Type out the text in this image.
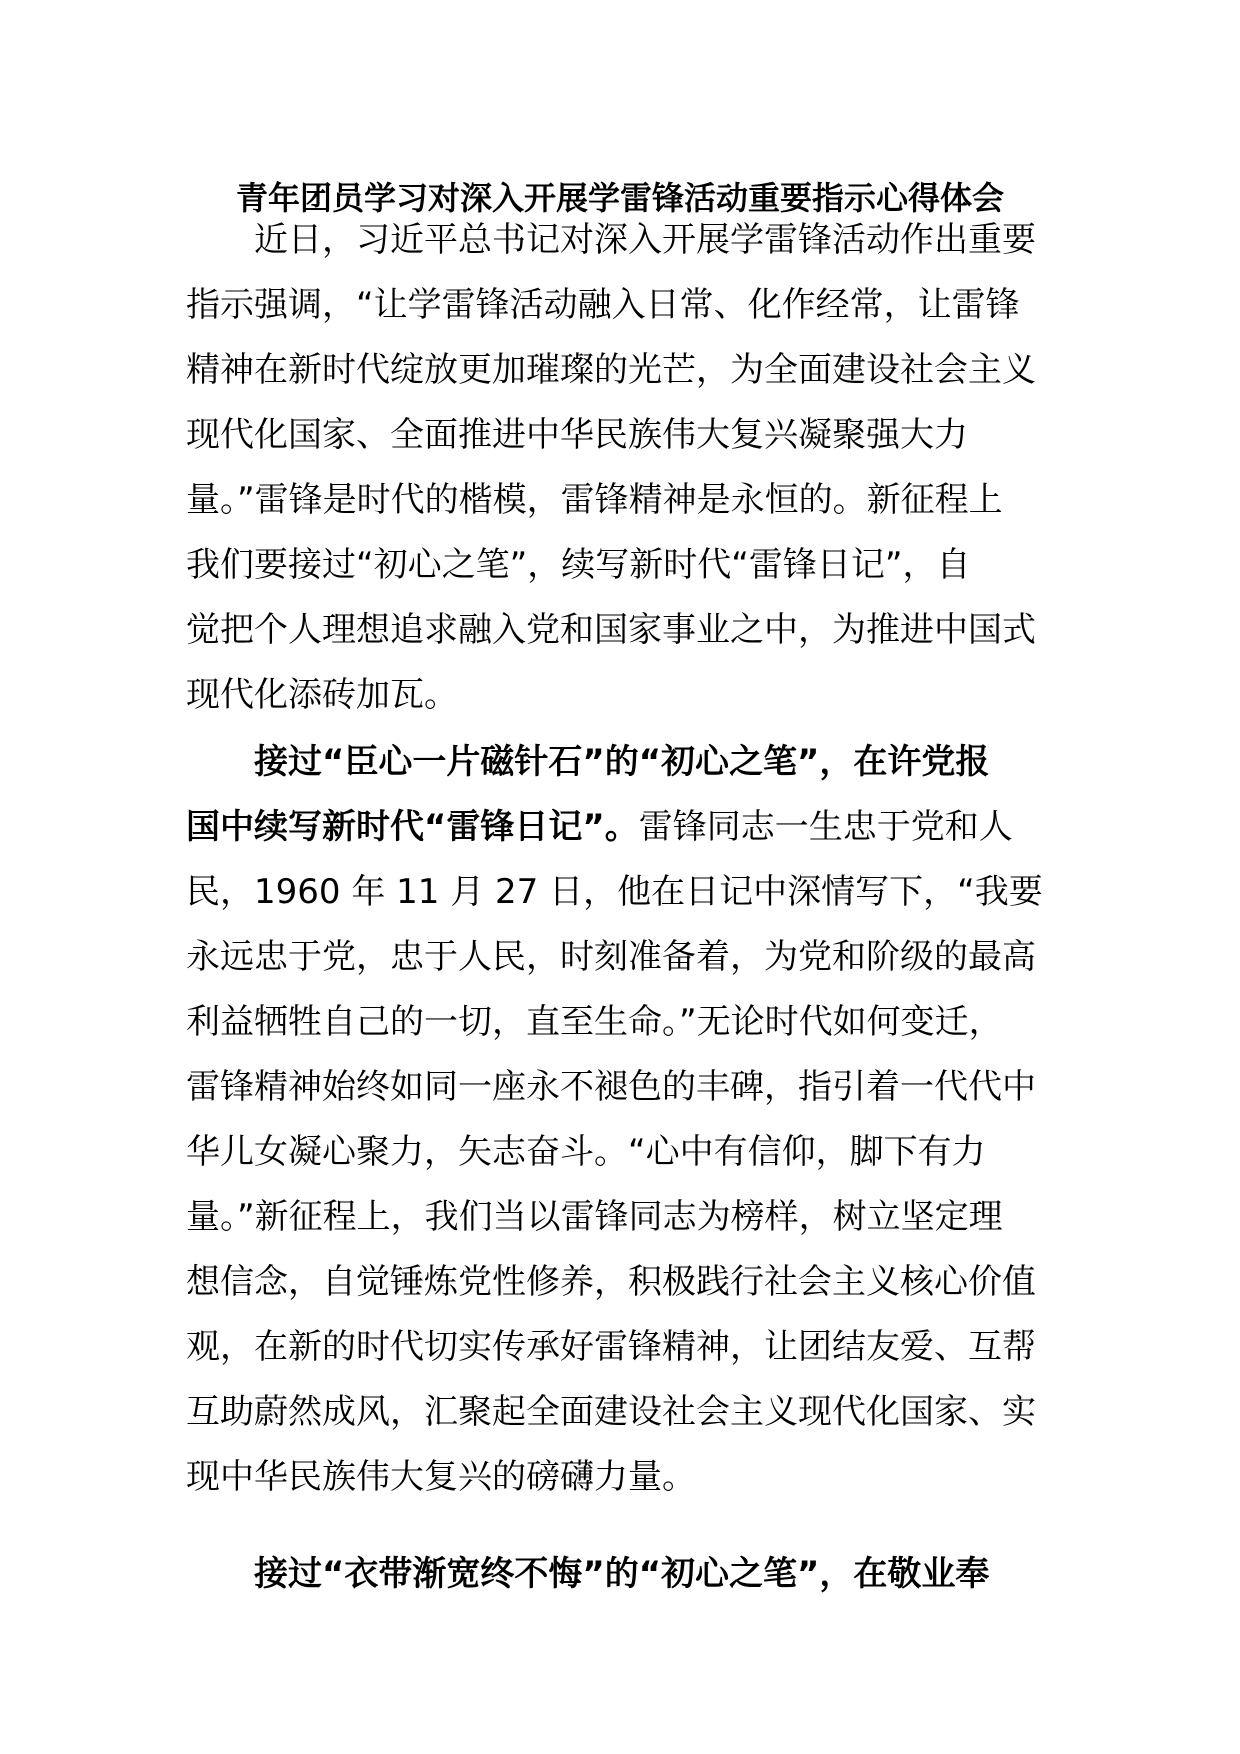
青年团员学习对深入开展学雷锋活动重要指示心得体会
近日，习近平总书记对深入开展学雷锋活动作出重要
指示强调，“让学雷锋活动融入日常、化作经常，让雷锋
精神在新时代绽放更加璀璨的光芒，为全面建设社会主义
现代化国家、全面推进中华民族伟大复兴凝聚强大力
量。”雷锋是时代的楷模，雷锋精神是永恒的。新征程上
我们要接过“初心之笔”，续写新时代“雷锋日记”，自
觉把个人理想追求融入党和国家事业之中，为推进中国式
现代化添砖加瓦。
接过“臣心一片磁针石”的“初心之笔”，在许党报
国中续写新时代“雷锋日记”。雷锋同志一生忠于党和人
民，1960 年 11 月 27 日，他在日记中深情写下，“我要
永远忠于党，忠于人民，时刻准备着，为党和阶级的最高
利益牺牲自己的一切，直至生命。”无论时代如何变迁，
雷锋精神始终如同一座永不褪色的丰碑，指引着一代代中
华儿女凝心聚力，矢志奋斗。“心中有信仰，脚下有力
量。”新征程上，我们当以雷锋同志为榜样，树立坚定理
想信念，自觉锤炼党性修养，积极践行社会主义核心价值
观，在新的时代切实传承好雷锋精神，让团结友爱、互帮
互助蔚然成风，汇聚起全面建设社会主义现代化国家、实
现中华民族伟大复兴的磅礴力量。
接过“衣带渐宽终不悔”的“初心之笔”，在敬业奉
